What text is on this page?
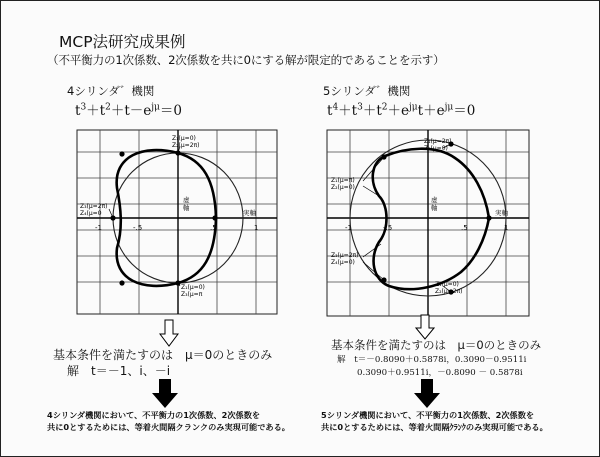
MCP法研究成果例
（不平衡力の1次係数、2次係数を共に0にする解が限定的であることを示す）
4シリンダ゛機関
$t^3+t^2+t-e^{j\mu}=0$
Z₁(μ=0)
Z₂(μ=2π)
Z₃(μ=2π)
Z₄(μ=0
Z₁(μ=0)
Z₃(μ=π
虚
軸
実軸
-1	-.5	.5	1
基本条件を満たすのは　μ＝0のときのみ
解　 t＝－1、i、－i
4シリンダ機関において、不平衡力の1次係数、2次係数を
共に0とするためには、等着火間隔クランクのみ実現可能である。
5シリンダ゛機関
$t^4+t^3+t^2+e^{j\mu}t+e^{j\mu}=0$
Z₁(μ=2π)
Z₂(μ=0)
Z₁(μ=π)
Z₂(μ=0)
Z₃(μ=2π)
Z₄(μ=0)
Z₁(μ=0)
Z₂(μ=2π)
虚
軸
実軸
-1	-.5	.5	1
基本条件を満たすのは　μ＝0のときのみ
解　 t＝－0.8090＋0.5878i，0.3090－0.9511i
0.3090＋0.9511i，－0.8090 － 0.5878i
5シリンダ機関において、不平衡力の1次係数、2次係数を
共に0とするためには、等着火間隔ｸﾗﾝｸのみ実現可能である。
